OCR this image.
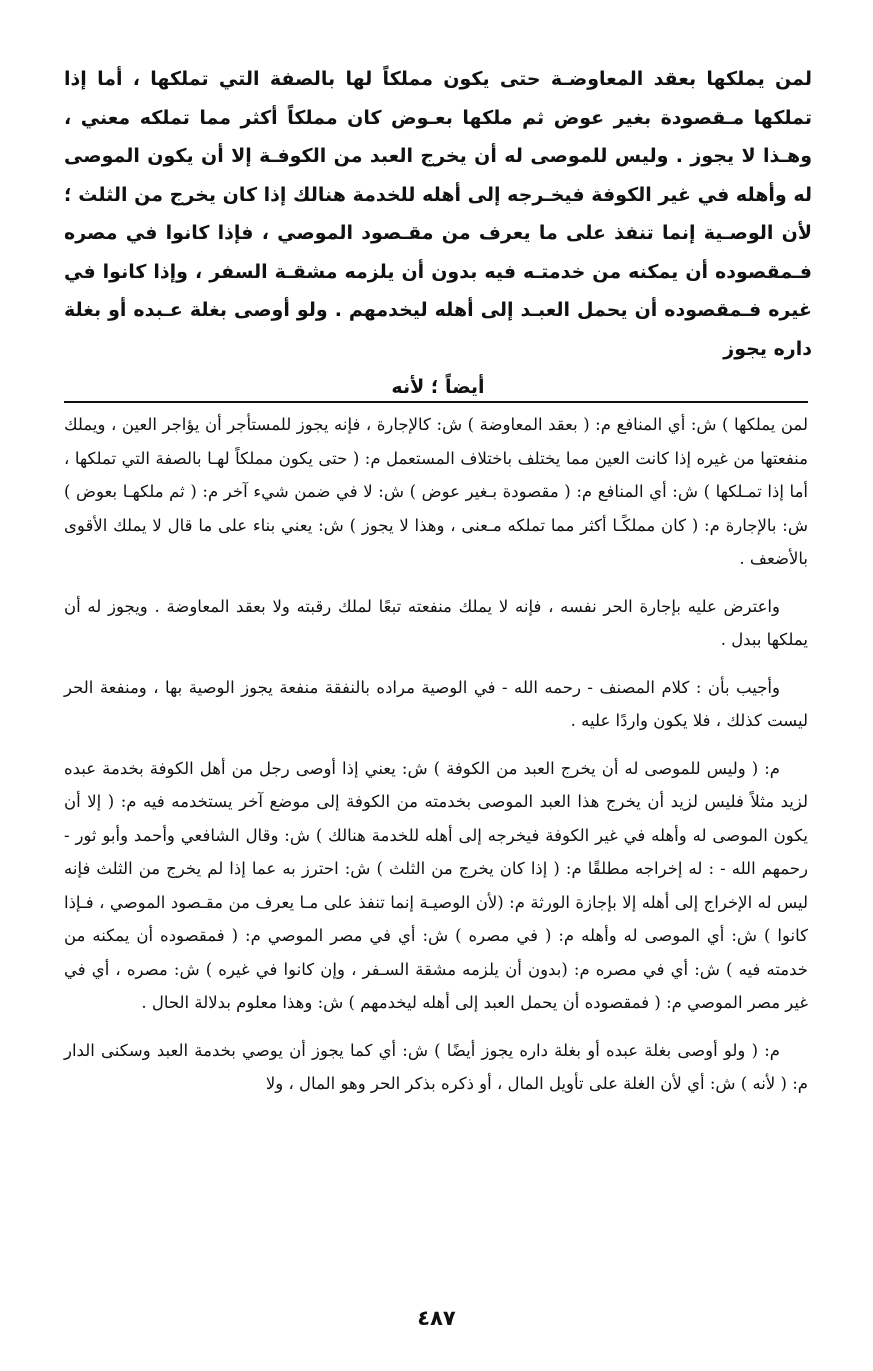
لمن يملكها بعقد المعاوضـة حتى يكون مملكاً لها بالصفة التي تملكها ، أما إذا تملكها مـقصودة بغير عوض ثم ملكها بعـوض كان مملكاً أكثر مما تملكه معني ، وهـذا لا يجوز . وليس للموصى له أن يخرج العبد من الكوفـة إلا أن يكون الموصى له وأهله في غير الكوفة فيخـرجه إلى أهله للخدمة هنالك إذا كان يخرج من الثلث ؛ لأن الوصـية إنما تنفذ على ما يعرف من مقـصود الموصي ، فإذا كانوا في مصره فـمقصوده أن يمكنه من خدمتـه فيه بدون أن يلزمه مشقـة السفر ، وإذا كانوا في غيره فـمقصوده أن يحمل العبـد إلى أهله ليخدمهم . ولو أوصى بغلة عـبده أو بغلة داره يجوز
أيضاً ؛ لأنه

لمن يملكها ) ش: أي المنافع م: ( بعقد المعاوضة ) ش: كالإجارة ، فإنه يجوز للمستأجر أن يؤاجر العين ، ويملك منفعتها من غيره إذا كانت العين مما يختلف باختلاف المستعمل م: ( حتى يكون مملكاً لهـا بالصفة التي تملكها ، أما إذا تمـلكها ) ش: أي المنافع م: ( مقصودة بـغير عوض ) ش: لا في ضمن شيء آخر م: ( ثم ملكهـا بعوض ) ش: بالإجارة م: ( كان مملكًـا أكثر مما تملكه مـعنى ، وهذا لا يجوز ) ش: يعني بناء على ما قال لا يملك الأقوى بالأضعف .

واعترض عليه بإجارة الحر نفسه ، فإنه لا يملك منفعته تبعًا لملك رقبته ولا بعقد المعاوضة . ويجوز له أن يملكها ببدل .

وأجيب بأن : كلام المصنف - رحمه الله - في الوصية مراده بالنفقة منفعة يجوز الوصية بها ، ومنفعة الحر ليست كذلك ، فلا يكون واردًا عليه .

م: ( وليس للموصى له أن يخرج العبد من الكوفة ) ش: يعني إذا أوصى رجل من أهل الكوفة بخدمة عبده لزيد مثلاً فليس لزيد أن يخرج هذا العبد الموصى بخدمته من الكوفة إلى موضع آخر يستخدمه فيه م: ( إلا أن يكون الموصى له وأهله في غير الكوفة فيخرجه إلى أهله للخدمة هنالك ) ش: وقال الشافعي وأحمد وأبو ثور - رحمهم الله - : له إخراجه مطلقًا م: ( إذا كان يخرج من الثلث ) ش: احترز به عما إذا لم يخرج من الثلث فإنه ليس له الإخراج إلى أهله إلا بإجازة الورثة م: (لأن الوصيـة إنما تنفذ على مـا يعرف من مقـصود الموصي ، فـإذا كانوا ) ش: أي الموصى له وأهله م: ( في مصره ) ش: أي في مصر الموصي م: ( فمقصوده أن يمكنه من خدمته فيه ) ش: أي في مصره م: (بدون أن يلزمه مشقة السـفر ، وإن كانوا في غيره ) ش: مصره ، أي في غير مصر الموصي م: ( فمقصوده أن يحمل العبد إلى أهله ليخدمهم ) ش: وهذا معلوم بدلالة الحال .

م: ( ولو أوصى بغلة عبده أو بغلة داره يجوز أيضًا ) ش: أي كما يجوز أن يوصي بخدمة العبد وسكنى الدار م: ( لأنه ) ش: أي لأن الغلة على تأويل المال ، أو ذكره بذكر الحر وهو المال ، ولا

٤٨٧
